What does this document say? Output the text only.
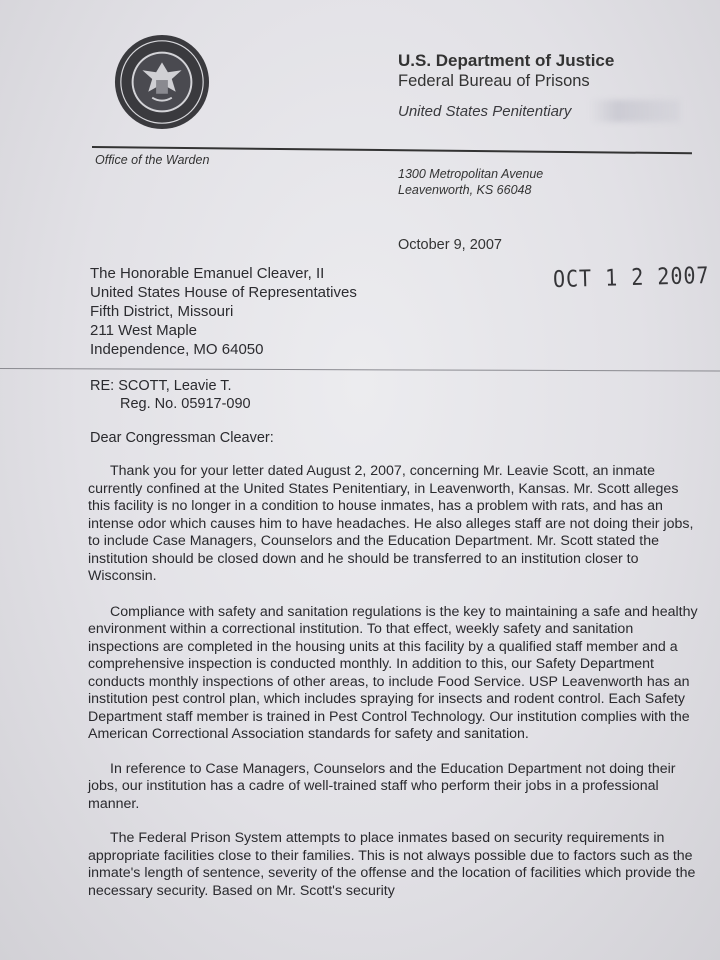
U.S. Department of Justice
Federal Bureau of Prisons
United States Penitentiary
Office of the Warden
1300 Metropolitan Avenue
Leavenworth, KS 66048
October 9, 2007
OCT 1 2 2007
The Honorable Emanuel Cleaver, II
United States House of Representatives
Fifth District, Missouri
211 West Maple
Independence, MO 64050
RE: SCOTT, Leavie T.
Reg. No. 05917-090
Dear Congressman Cleaver:

Thank you for your letter dated August 2, 2007, concerning Mr. Leavie Scott, an inmate currently confined at the United States Penitentiary, in Leavenworth, Kansas. Mr. Scott alleges this facility is no longer in a condition to house inmates, has a problem with rats, and has an intense odor which causes him to have headaches. He also alleges staff are not doing their jobs, to include Case Managers, Counselors and the Education Department. Mr. Scott stated the institution should be closed down and he should be transferred to an institution closer to Wisconsin.

Compliance with safety and sanitation regulations is the key to maintaining a safe and healthy environment within a correctional institution. To that effect, weekly safety and sanitation inspections are completed in the housing units at this facility by a qualified staff member and a comprehensive inspection is conducted monthly. In addition to this, our Safety Department conducts monthly inspections of other areas, to include Food Service. USP Leavenworth has an institution pest control plan, which includes spraying for insects and rodent control. Each Safety Department staff member is trained in Pest Control Technology. Our institution complies with the American Correctional Association standards for safety and sanitation.

In reference to Case Managers, Counselors and the Education Department not doing their jobs, our institution has a cadre of well-trained staff who perform their jobs in a professional manner.

The Federal Prison System attempts to place inmates based on security requirements in appropriate facilities close to their families. This is not always possible due to factors such as the inmate's length of sentence, severity of the offense and the location of facilities which provide the necessary security. Based on Mr. Scott's security
